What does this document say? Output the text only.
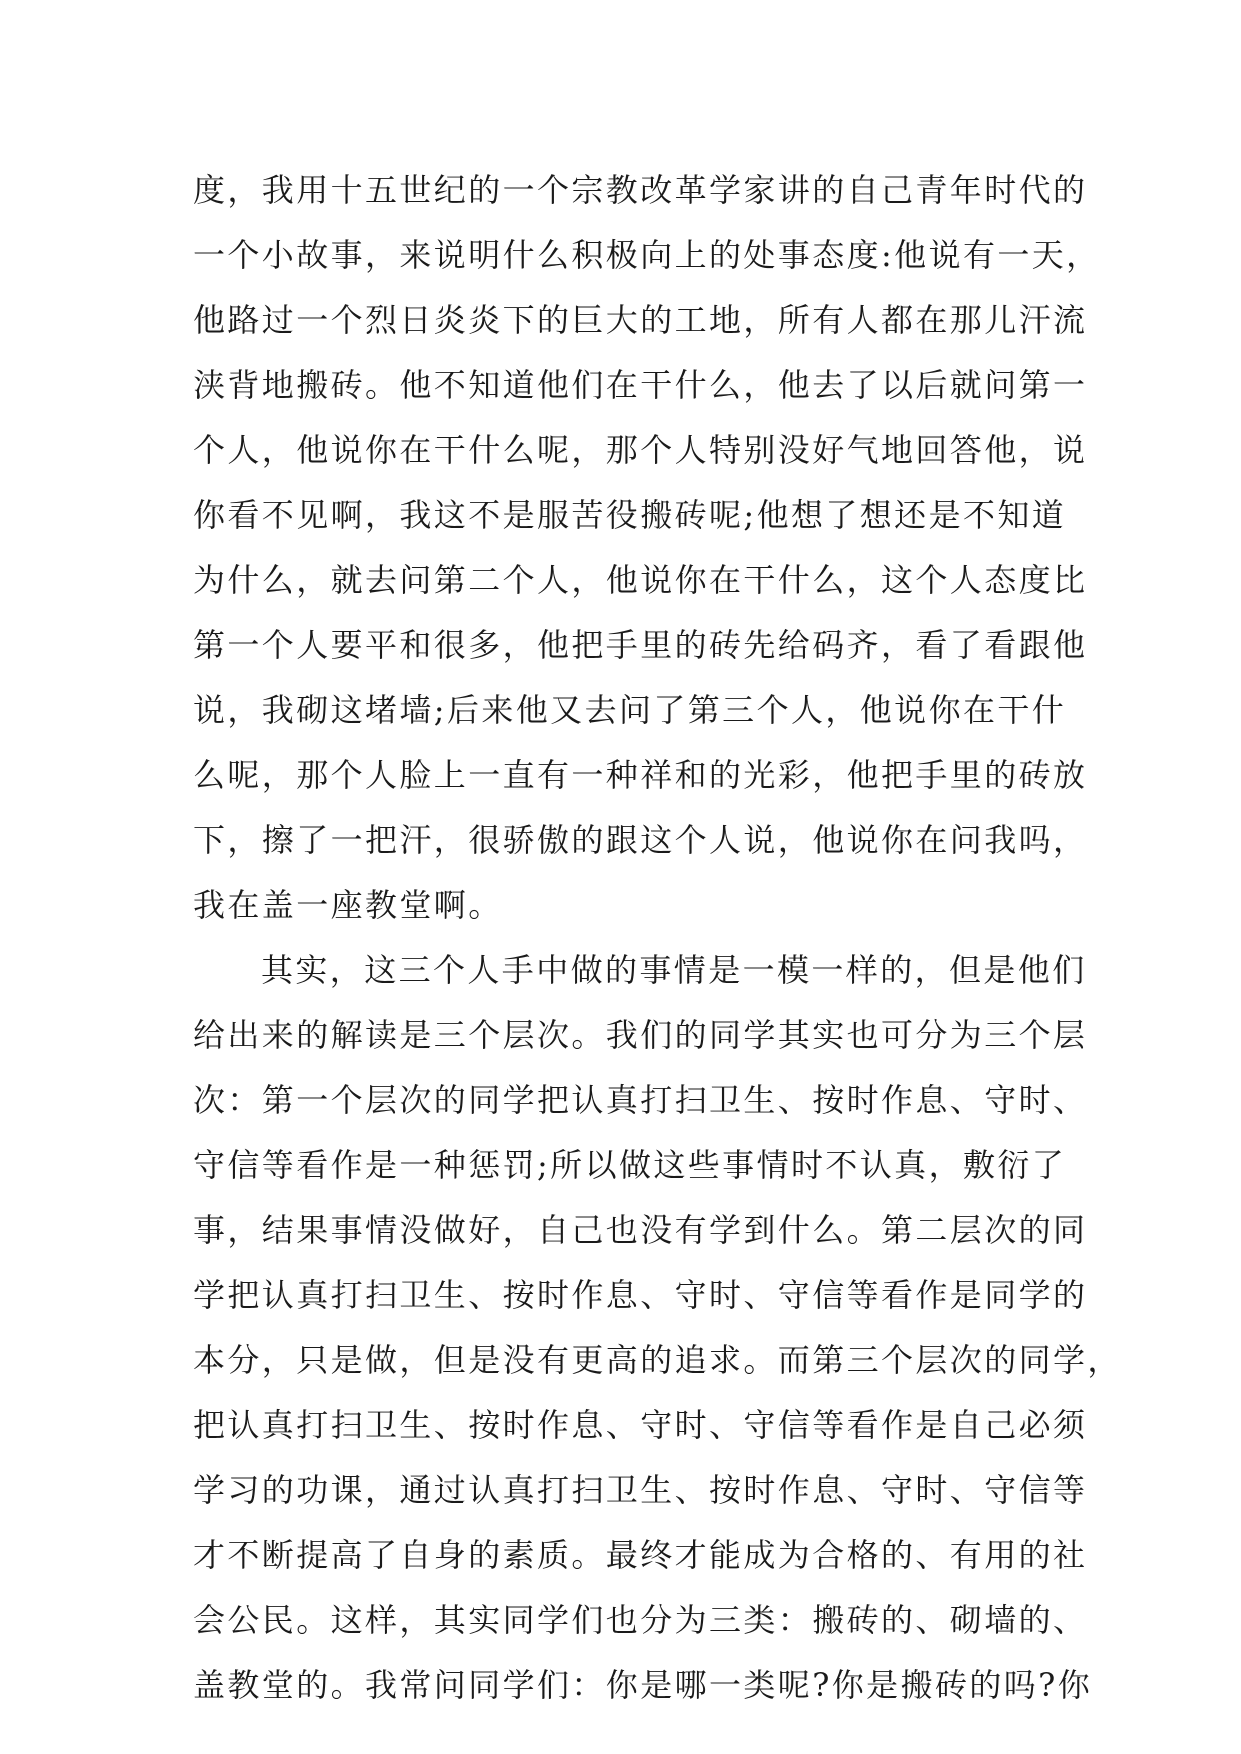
度，我用十五世纪的一个宗教改革学家讲的自己青年时代的
一个小故事，来说明什么积极向上的处事态度:他说有一天，
他路过一个烈日炎炎下的巨大的工地，所有人都在那儿汗流
浃背地搬砖。他不知道他们在干什么，他去了以后就问第一
个人，他说你在干什么呢，那个人特别没好气地回答他，说
你看不见啊，我这不是服苦役搬砖呢;他想了想还是不知道
为什么，就去问第二个人，他说你在干什么，这个人态度比
第一个人要平和很多，他把手里的砖先给码齐，看了看跟他
说，我砌这堵墙;后来他又去问了第三个人，他说你在干什
么呢，那个人脸上一直有一种祥和的光彩，他把手里的砖放
下，擦了一把汗，很骄傲的跟这个人说，他说你在问我吗，
我在盖一座教堂啊。
其实，这三个人手中做的事情是一模一样的，但是他们
给出来的解读是三个层次。我们的同学其实也可分为三个层
次：第一个层次的同学把认真打扫卫生、按时作息、守时、
守信等看作是一种惩罚;所以做这些事情时不认真，敷衍了
事，结果事情没做好，自己也没有学到什么。第二层次的同
学把认真打扫卫生、按时作息、守时、守信等看作是同学的
本分，只是做，但是没有更高的追求。而第三个层次的同学，
把认真打扫卫生、按时作息、守时、守信等看作是自己必须
学习的功课，通过认真打扫卫生、按时作息、守时、守信等
才不断提高了自身的素质。最终才能成为合格的、有用的社
会公民。这样，其实同学们也分为三类：搬砖的、砌墙的、
盖教堂的。我常问同学们：你是哪一类呢?你是搬砖的吗?你
